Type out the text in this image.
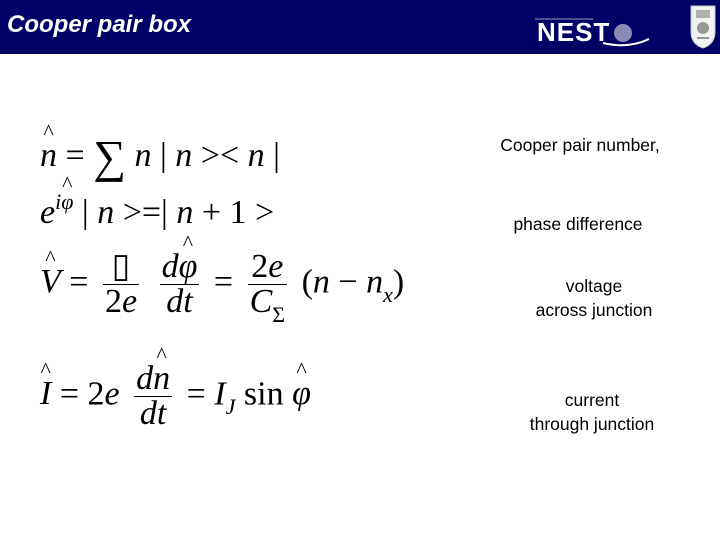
Cooper pair box	NEST
n ^ = ∑ n | n >< n |
$e^{i\varphi}$ ^ | n >=| n + 1 >
V ^ = $\frac{▯}{2e}$
$\frac{d\varphi \^{}}{dt} = \frac{2e}{C_\Sigma} (n - n_x)$
I ^ = $2e \frac{dn \^{}}{dt} = I_J$ sin φ ^
Cooper pair number,
phase difference
voltage
across junction
current
through junction
